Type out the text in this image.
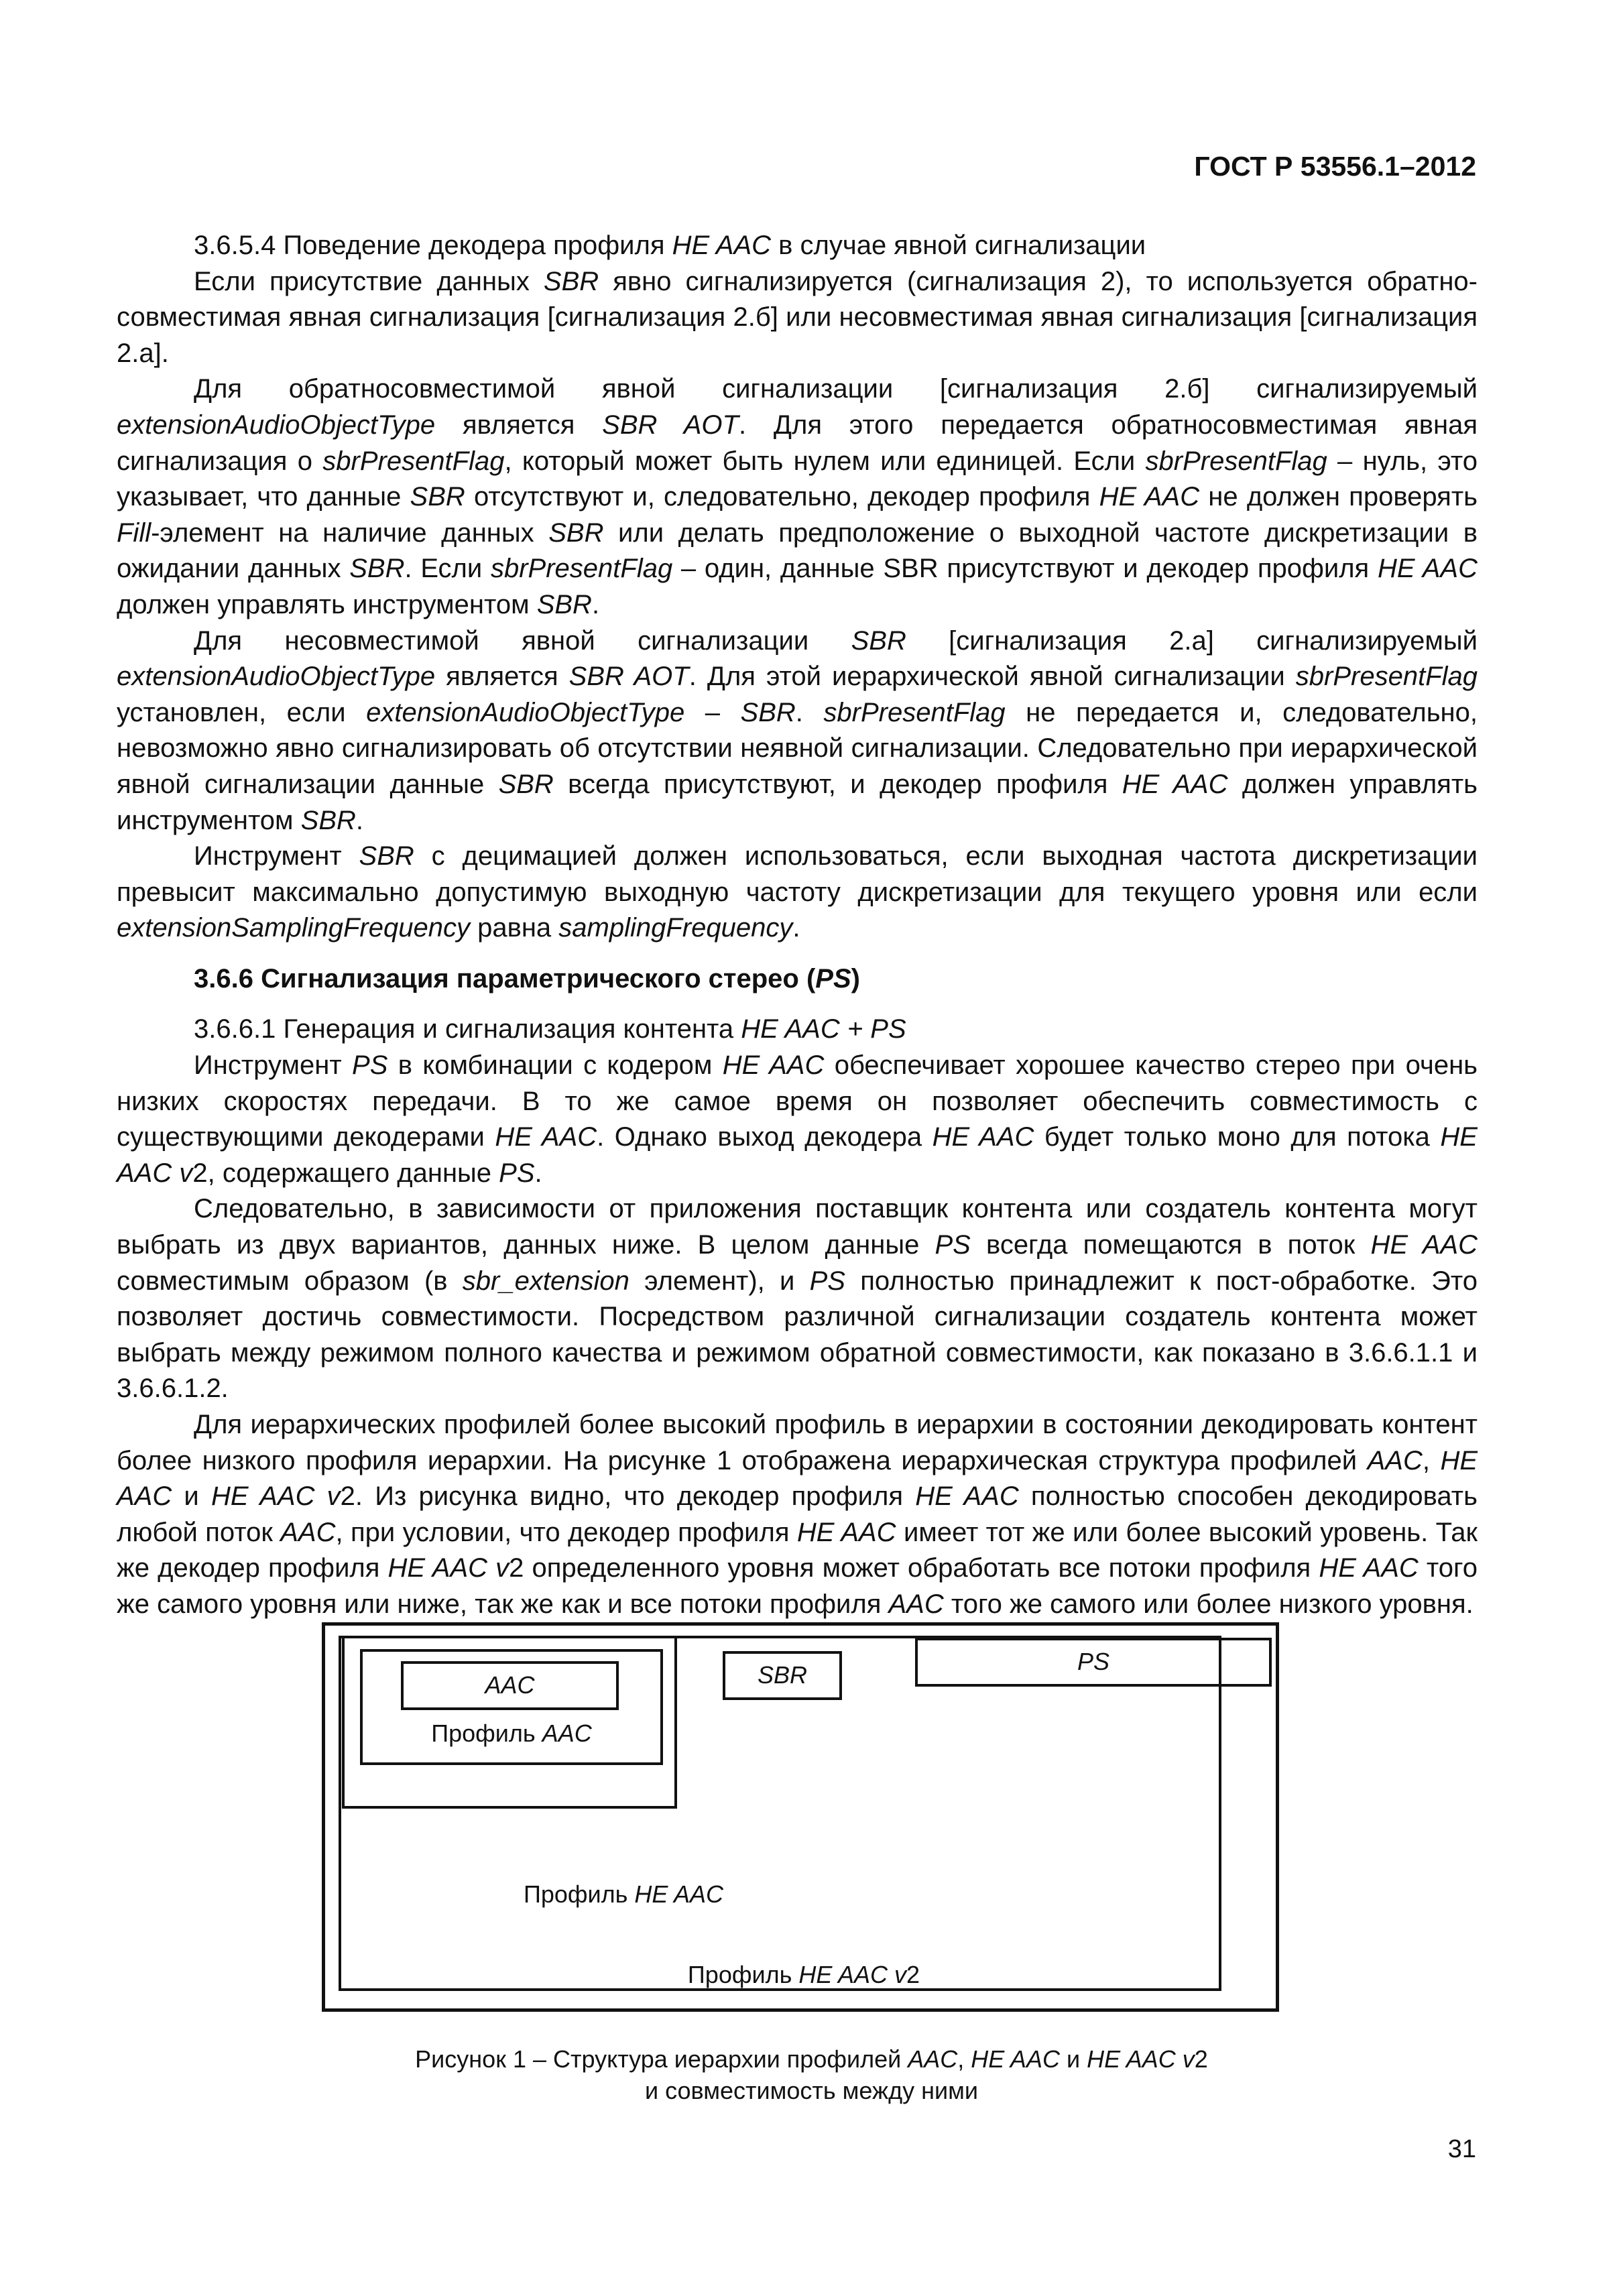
ГОСТ Р 53556.1–2012

3.6.5.4 Поведение декодера профиля HE AAC в случае явной сигнализации

Если присутствие данных SBR явно сигнализируется (сигнализация 2), то используется обратно-совместимая явная сигнализация [сигнализация 2.б] или несовместимая явная сигнализация [сигнализация 2.а].

Для обратносовместимой явной сигнализации [сигнализация 2.б] сигнализируемый extensionAudioObjectType является SBR AOT. Для этого передается обратносовместимая явная сигнализация о sbrPresentFlag, который может быть нулем или единицей. Если sbrPresentFlag – нуль, это указывает, что данные SBR отсутствуют и, следовательно, декодер профиля HE AAC не должен проверять Fill-элемент на наличие данных SBR или делать предположение о выходной частоте дискретизации в ожидании данных SBR. Если sbrPresentFlag – один, данные SBR присутствуют и декодер профиля HE AAC должен управлять инструментом SBR.

Для несовместимой явной сигнализации SBR [сигнализация 2.а] сигнализируемый extensionAudioObjectType является SBR AOT. Для этой иерархической явной сигнализации sbrPresentFlag установлен, если extensionAudioObjectType – SBR. sbrPresentFlag не передается и, следовательно, невозможно явно сигнализировать об отсутствии неявной сигнализации. Следовательно при иерархической явной сигнализации данные SBR всегда присутствуют, и декодер профиля HE AAC должен управлять инструментом SBR.

Инструмент SBR с децимацией должен использоваться, если выходная частота дискретизации превысит максимально допустимую выходную частоту дискретизации для текущего уровня или если extensionSamplingFrequency равна samplingFrequency.

3.6.6 Сигнализация параметрического стерео (PS)

3.6.6.1 Генерация и сигнализация контента HE AAC + PS

Инструмент PS в комбинации с кодером HE AAC обеспечивает хорошее качество стерео при очень низких скоростях передачи. В то же самое время он позволяет обеспечить совместимость с существующими декодерами HE AAC. Однако выход декодера HE AAC будет только моно для потока HE AAC v2, содержащего данные PS.

Следовательно, в зависимости от приложения поставщик контента или создатель контента могут выбрать из двух вариантов, данных ниже. В целом данные PS всегда помещаются в поток HE AAC совместимым образом (в sbr_extension элемент), и PS полностью принадлежит к пост-обработке. Это позволяет достичь совместимости. Посредством различной сигнализации создатель контента может выбрать между режимом полного качества и режимом обратной совместимости, как показано в 3.6.6.1.1 и 3.6.6.1.2.

Для иерархических профилей более высокий профиль в иерархии в состоянии декодировать контент более низкого профиля иерархии. На рисунке 1 отображена иерархическая структура профилей AAC, HE AAC и HE AAC v2. Из рисунка видно, что декодер профиля HE AAC полностью способен декодировать любой поток AAC, при условии, что декодер профиля HE AAC имеет тот же или более высокий уровень. Так же декодер профиля HE AAC v2 определенного уровня может обработать все потоки профиля HE AAC того же самого уровня или ниже, так же как и все потоки профиля AAC того же самого или более низкого уровня.

AAC
Профиль AAC
SBR	PS
Профиль HE AAC
Профиль HE AAC v2
Рисунок 1 – Структура иерархии профилей AAC, HE AAC и HE AAC v2
и совместимость между ними
31
